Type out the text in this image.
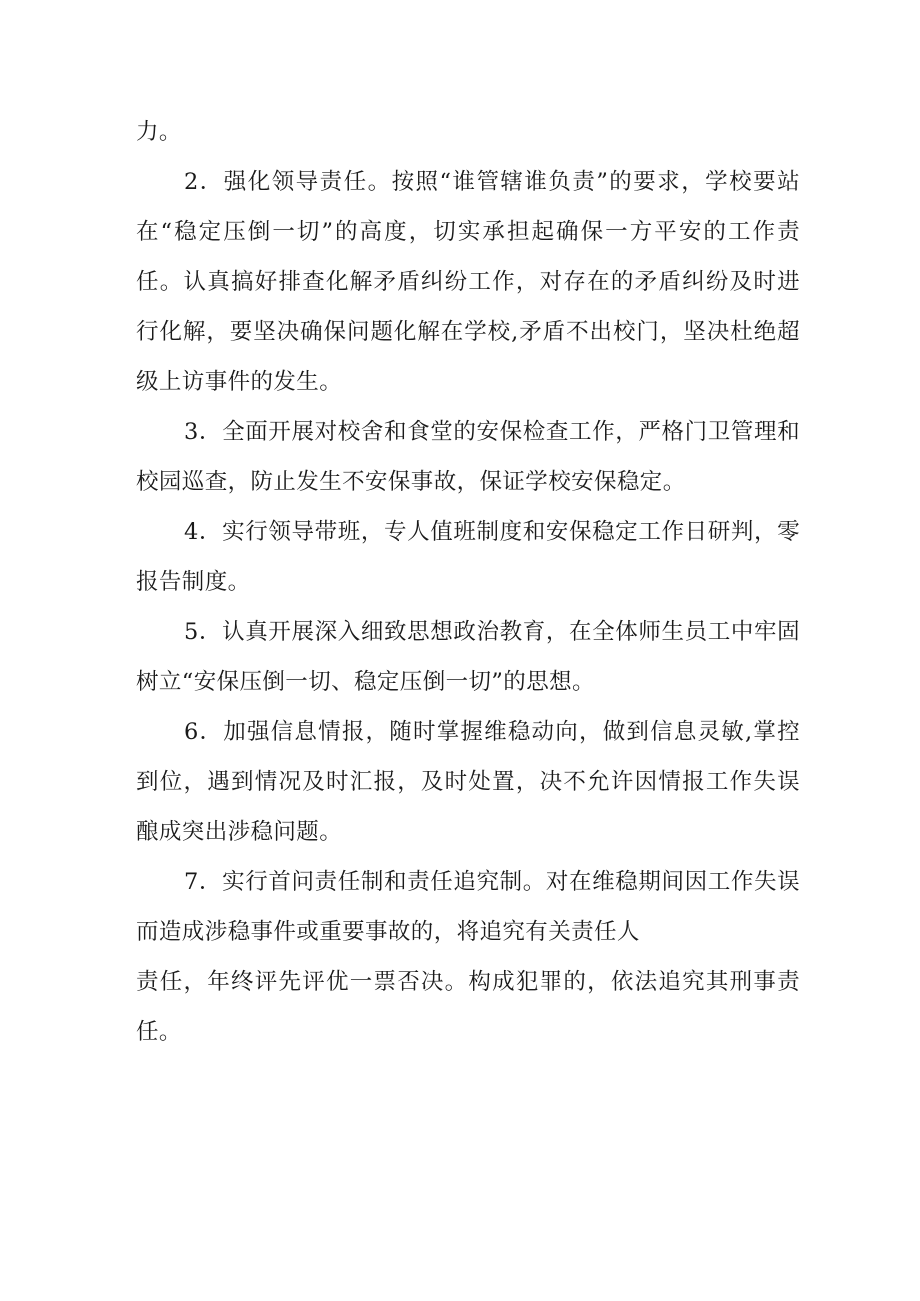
力。
2．强化领导责任。按照“谁管辖谁负责”的要求，学校要站
在“稳定压倒一切”的高度，切实承担起确保一方平安的工作责
任。认真搞好排查化解矛盾纠纷工作，对存在的矛盾纠纷及时进
行化解，要坚决确保问题化解在学校,矛盾不出校门，坚决杜绝超
级上访事件的发生。
3．全面开展对校舍和食堂的安保检查工作，严格门卫管理和
校园巡查，防止发生不安保事故，保证学校安保稳定。
4．实行领导带班，专人值班制度和安保稳定工作日研判，零
报告制度。
5．认真开展深入细致思想政治教育，在全体师生员工中牢固
树立“安保压倒一切、稳定压倒一切”的思想。
6．加强信息情报，随时掌握维稳动向，做到信息灵敏,掌控
到位，遇到情况及时汇报，及时处置，决不允许因情报工作失误
酿成突出涉稳问题。
7．实行首问责任制和责任追究制。对在维稳期间因工作失误
而造成涉稳事件或重要事故的，将追究有关责任人
责任，年终评先评优一票否决。构成犯罪的，依法追究其刑事责
任。
